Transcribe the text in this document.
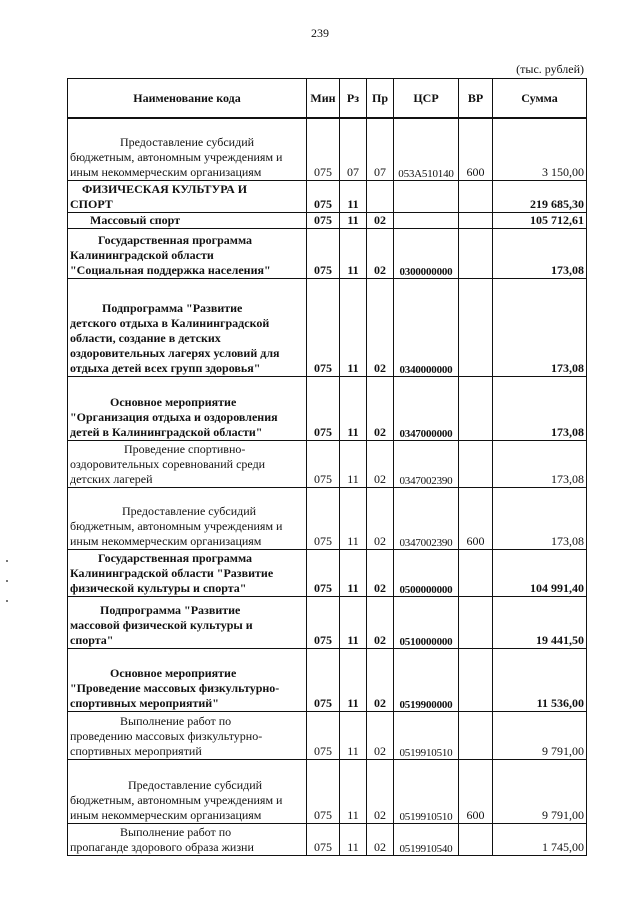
239
(тыс. рублей)
Наименование кода	Мин	Рз	Пр	ЦСР	ВР	Сумма

Предоставление субсидий
бюджетным, автономным учреждениям и
иным некоммерческим организациям	075	07	07	053А510140	600	3 150,00

ФИЗИЧЕСКАЯ КУЛЬТУРА И
СПОРТ	075	11				219 685,30

Массовый спорт	075	11	02			105 712,61

Государственная программа
Калининградской области
"Социальная поддержка населения"	075	11	02	0300000000		173,08

Подпрограмма "Развитие
детского отдыха в Калининградской
области, создание в детских
оздоровительных лагерях условий для
отдыха детей всех групп здоровья"	075	11	02	0340000000		173,08

Основное мероприятие
"Организация отдыха и оздоровления
детей в Калининградской области"	075	11	02	0347000000		173,08

Проведение спортивно-
оздоровительных соревнований среди
детских лагерей	075	11	02	0347002390		173,08

Предоставление субсидий
бюджетным, автономным учреждениям и
иным некоммерческим организациям	075	11	02	0347002390	600	173,08

Государственная программа
Калининградской области "Развитие
физической культуры и спорта"	075	11	02	0500000000		104 991,40

Подпрограмма "Развитие
массовой физической культуры и
спорта"	075	11	02	0510000000		19 441,50

Основное мероприятие
"Проведение массовых физкультурно-
спортивных мероприятий"	075	11	02	0519900000		11 536,00

Выполнение работ по
проведению массовых физкультурно-
спортивных мероприятий	075	11	02	0519910510		9 791,00

Предоставление субсидий
бюджетным, автономным учреждениям и
иным некоммерческим организациям	075	11	02	0519910510	600	9 791,00

Выполнение работ по
пропаганде здорового образа жизни	075	11	02	0519910540		1 745,00
